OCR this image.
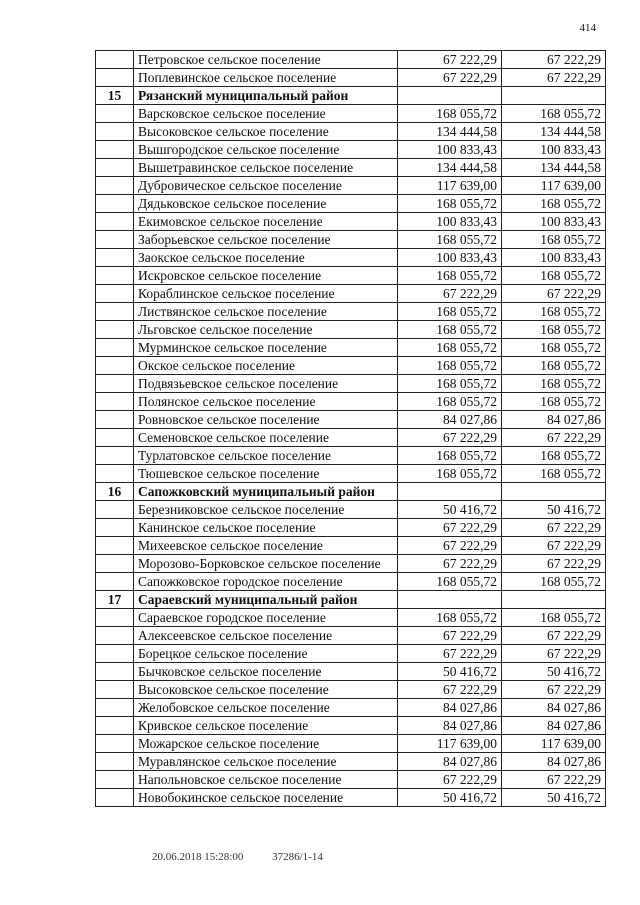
414
	Петровское сельское поселение	67 222,29	67 222,29
	Поплевинское сельское поселение	67 222,29	67 222,29
15	Рязанский муниципальный район		
	Варсковское сельское поселение	168 055,72	168 055,72
	Высоковское сельское поселение	134 444,58	134 444,58
	Вышгородское сельское поселение	100 833,43	100 833,43
	Вышетравинское сельское поселение	134 444,58	134 444,58
	Дубровическое сельское поселение	117 639,00	117 639,00
	Дядьковское сельское поселение	168 055,72	168 055,72
	Екимовское сельское поселение	100 833,43	100 833,43
	Заборьевское сельское поселение	168 055,72	168 055,72
	Заокское сельское поселение	100 833,43	100 833,43
	Искровское сельское поселение	168 055,72	168 055,72
	Кораблинское сельское поселение	67 222,29	67 222,29
	Листвянское сельское поселение	168 055,72	168 055,72
	Льговское сельское поселение	168 055,72	168 055,72
	Мурминское сельское поселение	168 055,72	168 055,72
	Окское сельское поселение	168 055,72	168 055,72
	Подвязьевское сельское поселение	168 055,72	168 055,72
	Полянское сельское поселение	168 055,72	168 055,72
	Ровновское сельское поселение	84 027,86	84 027,86
	Семеновское сельское поселение	67 222,29	67 222,29
	Турлатовское сельское поселение	168 055,72	168 055,72
	Тюшевское сельское поселение	168 055,72	168 055,72
16	Сапожковский муниципальный район		
	Березниковское сельское поселение	50 416,72	50 416,72
	Канинское сельское поселение	67 222,29	67 222,29
	Михеевское сельское поселение	67 222,29	67 222,29
	Морозово-Борковское сельское поселение	67 222,29	67 222,29
	Сапожковское городское поселение	168 055,72	168 055,72
17	Сараевский муниципальный район		
	Сараевское городское поселение	168 055,72	168 055,72
	Алексеевское сельское поселение	67 222,29	67 222,29
	Борецкое сельское поселение	67 222,29	67 222,29
	Бычковское сельское поселение	50 416,72	50 416,72
	Высоковское сельское поселение	67 222,29	67 222,29
	Желобовское сельское поселение	84 027,86	84 027,86
	Кривское сельское поселение	84 027,86	84 027,86
	Можарское сельское поселение	117 639,00	117 639,00
	Муравлянское сельское поселение	84 027,86	84 027,86
	Напольновское сельское поселение	67 222,29	67 222,29
	Новобокинское сельское поселение	50 416,72	50 416,72
20.06.2018 15:28:00	37286/1-14
